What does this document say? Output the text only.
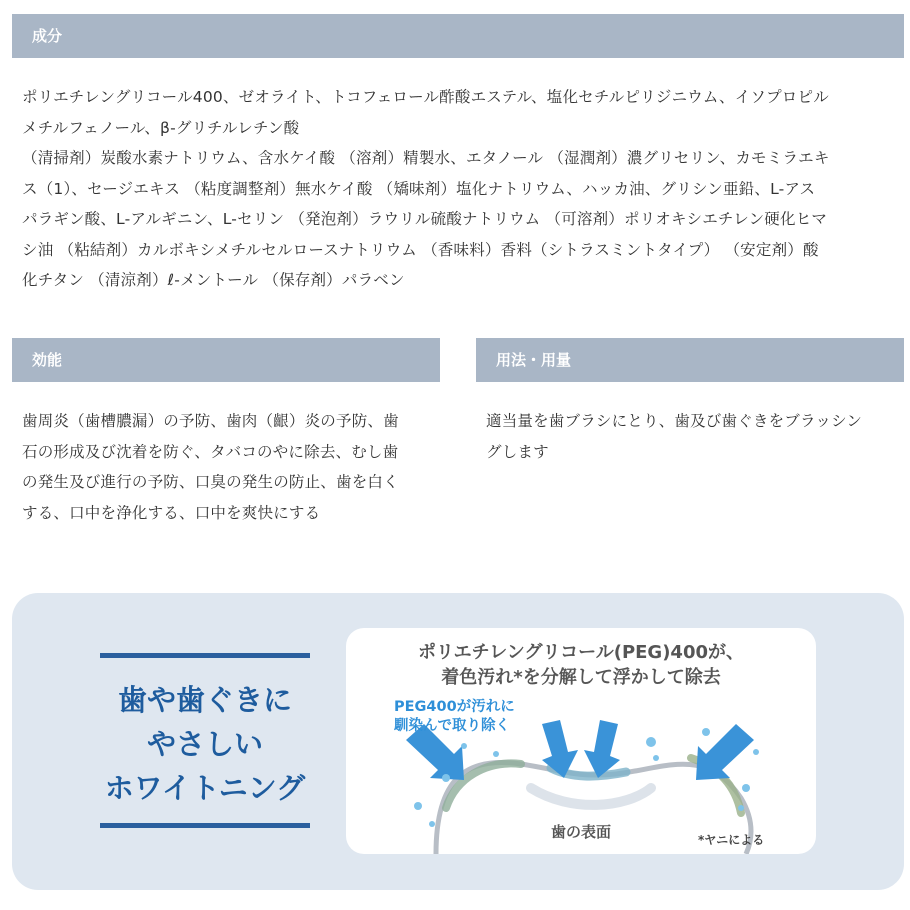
成分

ポリエチレングリコール400、ゼオライト、トコフェロール酢酸エステル、塩化セチルピリジニウム、イソプロピル

メチルフェノール、β-グリチルレチン酸

（清掃剤）炭酸水素ナトリウム、含水ケイ酸 （溶剤）精製水、エタノール （湿潤剤）濃グリセリン、カモミラエキ

ス（1）、セージエキス （粘度調整剤）無水ケイ酸 （矯味剤）塩化ナトリウム、ハッカ油、グリシン亜鉛、L-アス

パラギン酸、L-アルギニン、L-セリン （発泡剤）ラウリル硫酸ナトリウム （可溶剤）ポリオキシエチレン硬化ヒマ

シ油 （粘結剤）カルボキシメチルセルロースナトリウム （香味料）香料（シトラスミントタイプ） （安定剤）酸

化チタン （清涼剤）ℓ-メントール （保存剤）パラベン

効能

歯周炎（歯槽膿漏）の予防、歯肉（齦）炎の予防、歯

石の形成及び沈着を防ぐ、タバコのやに除去、むし歯

の発生及び進行の予防、口臭の発生の防止、歯を白く

する、口中を浄化する、口中を爽快にする

用法・用量

適当量を歯ブラシにとり、歯及び歯ぐきをブラッシン

グします

歯や歯ぐきに
やさしい
ホワイトニング
ポリエチレングリコール(PEG)400が、
着色汚れ*を分解して浮かして除去
PEG400が汚れに
馴染んで取り除く
歯の表面	*ヤニによる
